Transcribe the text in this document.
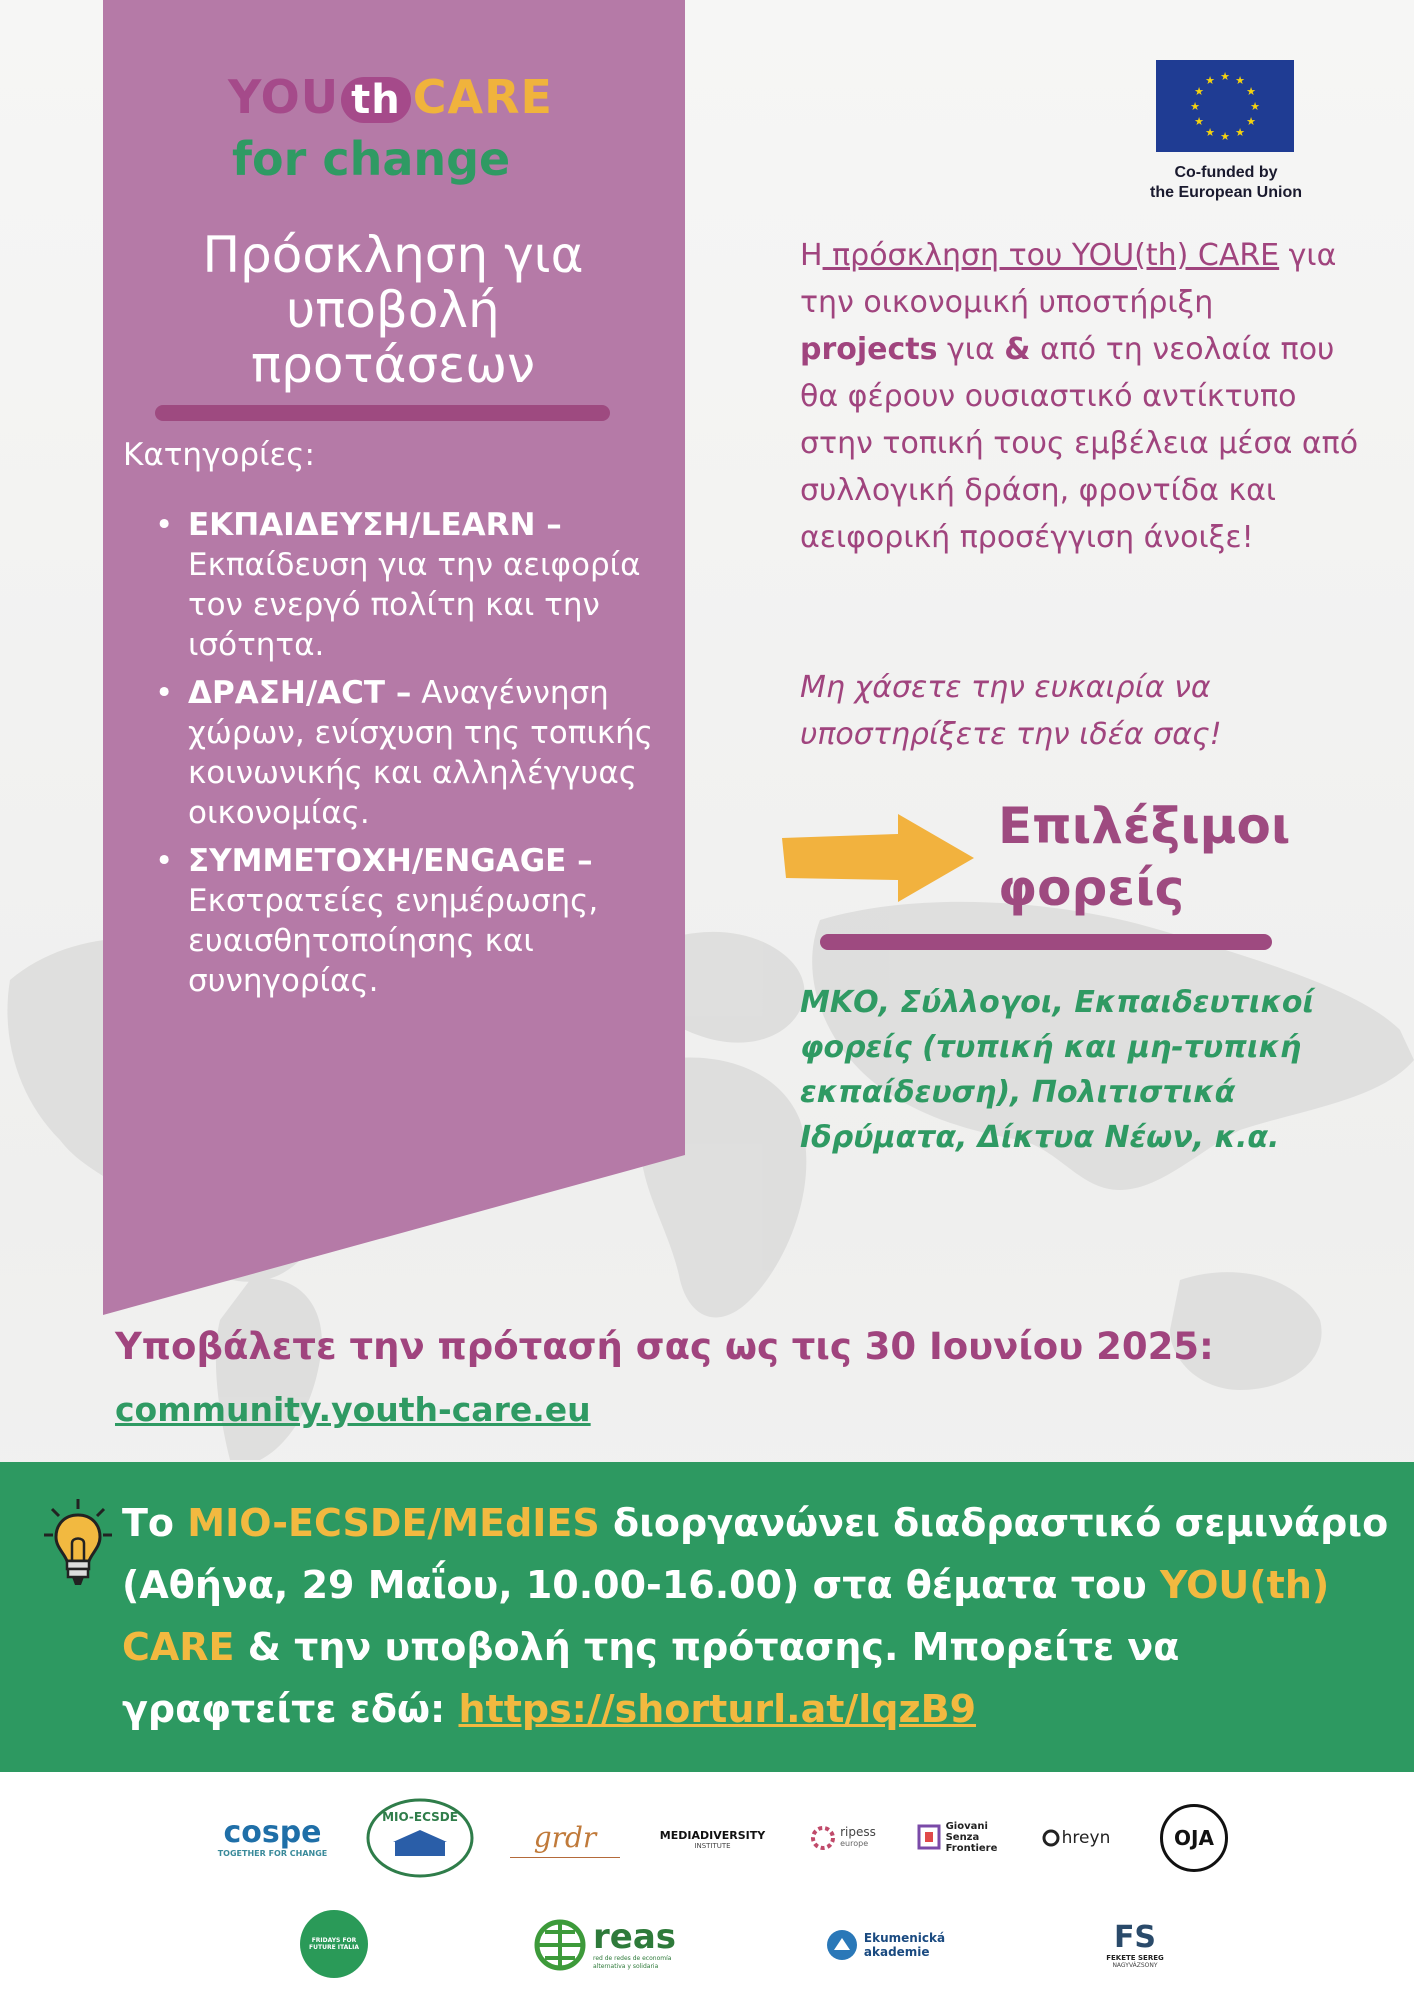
YOU th CARE
for change
Πρόσκληση για υποβολή προτάσεων
Κατηγορίες:
• ΕΚΠΑΙΔΕΥΣΗ/LEARN – Εκπαίδευση για την αειφορία τον ενεργό πολίτη και την ισότητα.
• ΔΡΑΣΗ/ACT – Αναγέννηση χώρων, ενίσχυση της τοπικής κοινωνικής και αλληλέγγυας οικονομίας.
• ΣΥΜΜΕΤΟΧΗ/ENGAGE – Εκστρατείες ενημέρωσης, ευαισθητοποίησης και συνηγορίας.
★ ★
★
★
★
★
★
★
★
★
★
★
Co-funded by
the European Union
Η πρόσκληση του YOU(th) CARE για την οικονομική υποστήριξη projects για & από τη νεολαία που θα φέρουν ουσιαστικό αντίκτυπο στην τοπική τους εμβέλεια μέσα από συλλογική δράση, φροντίδα και αειφορική προσέγγιση άνοιξε!
Μη χάσετε την ευκαιρία να υποστηρίξετε την ιδέα σας!
Επιλέξιμοι φορείς
ΜΚΟ, Σύλλογοι, Εκπαιδευτικοί φορείς (τυπική και μη-τυπική εκπαίδευση), Πολιτιστικά Ιδρύματα, Δίκτυα Νέων, κ.α.
Υποβάλετε την πρότασή σας ως τις 30 Ιουνίου 2025:
community.youth-care.eu
Το MIO-ECSDE/MEdIES διοργανώνει διαδραστικό σεμινάριο (Αθήνα, 29 Μαΐου, 10.00-16.00) στα θέματα του YOU(th) CARE & την υποβολή της πρότασης. Μπορείτε να γραφτείτε εδώ: https://shorturl.at/lqzB9
cospe
TOGETHER FOR CHANGE
MIO-ECSDE
grdr	MEDIADIVERSITY
INSTITUTE
ripess
europe
Giovani
Senza
Frontiere	hreyn	OJA
FRIDAYS FOR FUTURE ITALIA	reas
red de redes de economía alternativa y solidaria
Ekumenická
akademie	FS
FEKETE SEREG
NAGYVÁZSONY
